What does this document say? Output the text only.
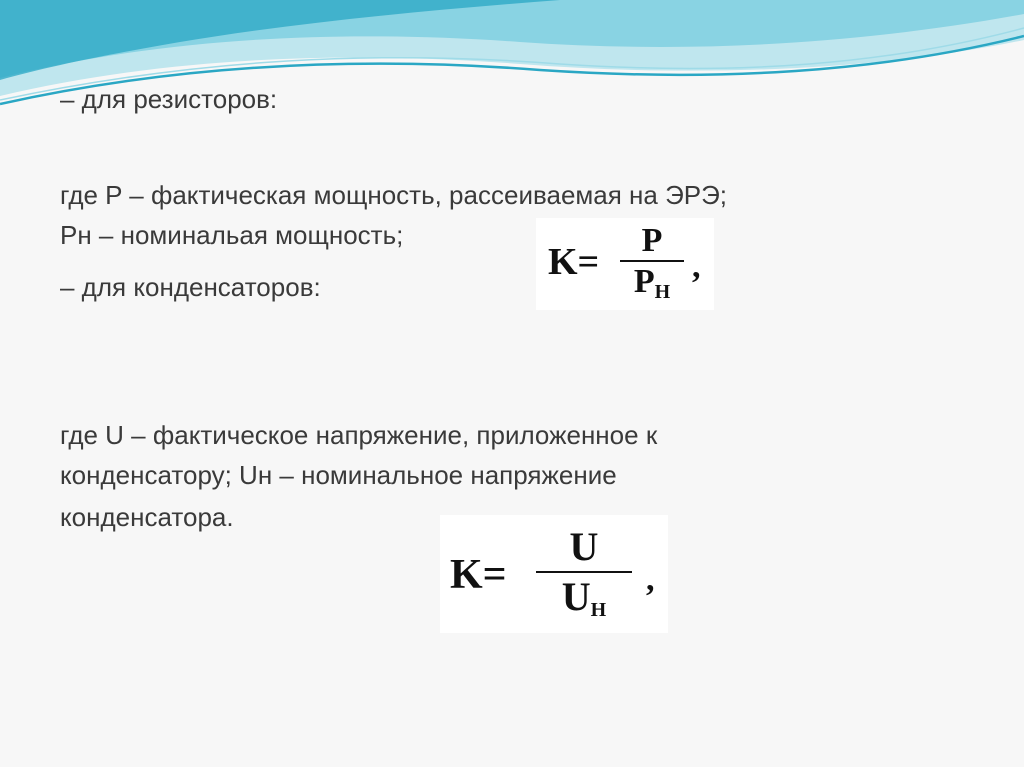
– для резисторов:
где P – фактическая мощность, рассеиваемая на ЭРЭ;
Pн – номинальая мощность;
– для конденсаторов:
где U – фактическое напряжение, приложенное к
конденсатору; Uн – номинальное напряжение
конденсатора.
K=
P
PH
,
K=
U
UH
,
